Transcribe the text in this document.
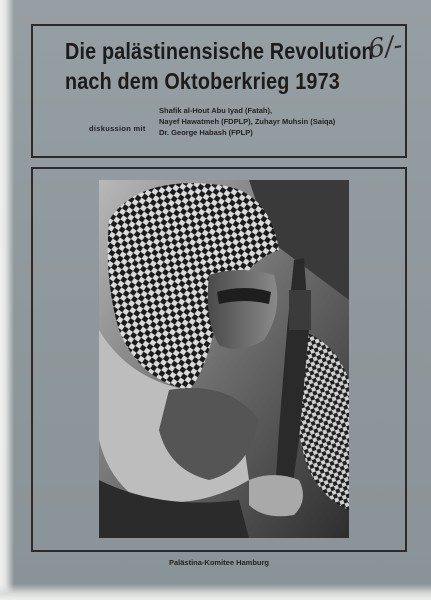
Die palästinensische Revolution
nach dem Oktoberkrieg 1973
6/-
diskussion mit
Shafik al-Hout Abu Iyad (Fatah),
Nayef Hawatmeh (FDPLP), Zuhayr Muhsin (Saiqa)
Dr. George Habash (FPLP)
Palästina-Komitee Hamburg
